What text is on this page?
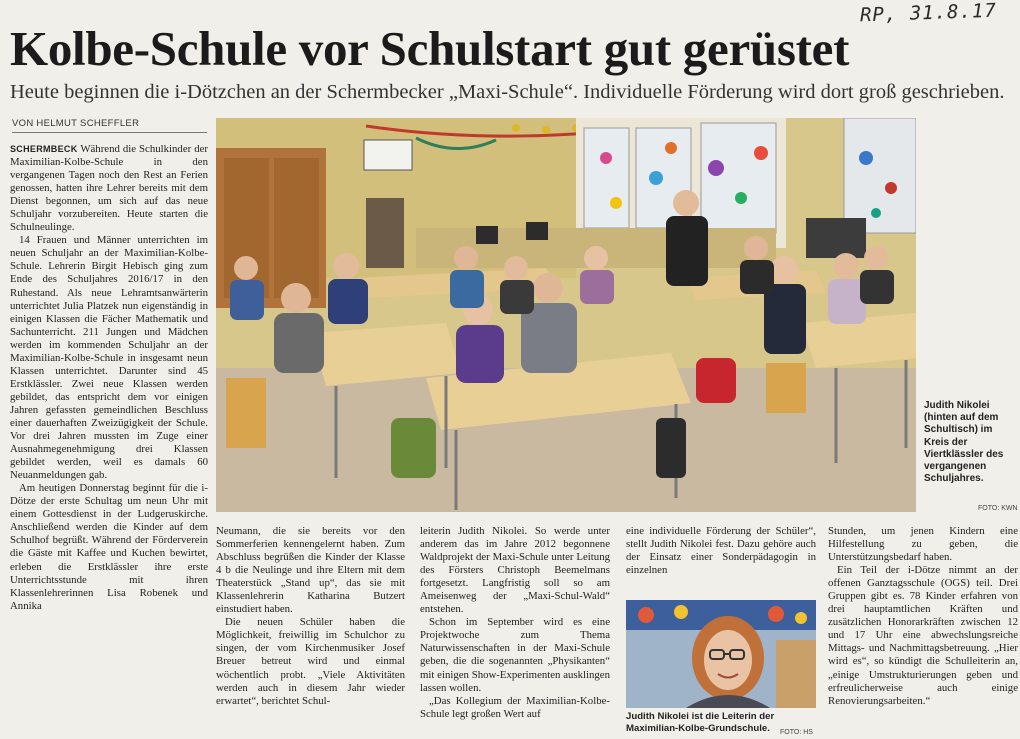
RP, 31.8.17
Kolbe-Schule vor Schulstart gut gerüstet
Heute beginnen die i-Dötzchen an der Schermbecker „Maxi-Schule“. Individuelle Förderung wird dort groß geschrieben.
VON HELMUT SCHEFFLER

SCHERMBECK Während die Schulkinder der Maximilian-Kolbe-Schule in den vergangenen Tagen noch den Rest an Ferien genossen, hatten ihre Lehrer bereits mit dem Dienst begonnen, um sich auf das neue Schuljahr vorzubereiten. Heute starten die Schulneulinge.

14 Frauen und Männer unterrichten im neuen Schuljahr an der Maximilian-Kolbe-Schule. Lehrerin Birgit Hebisch ging zum Ende des Schuljahres 2016/17 in den Ruhestand. Als neue Lehramtsanwärterin unterrichtet Julia Platzek nun eigenständig in einigen Klassen die Fächer Mathematik und Sachunterricht. 211 Jungen und Mädchen werden im kommenden Schuljahr an der Maximilian-Kolbe-Schule in insgesamt neun Klassen unterrichtet. Darunter sind 45 Erstklässler. Zwei neue Klassen werden gebildet, das entspricht dem vor einigen Jahren gefassten gemeindlichen Beschluss einer dauerhaften Zweizügigkeit der Schule. Vor drei Jahren mussten im Zuge einer Ausnahmegenehmigung drei Klassen gebildet werden, weil es damals 60 Neuanmeldungen gab.

Am heutigen Donnerstag beginnt für die i-Dötze der erste Schultag um neun Uhr mit einem Gottesdienst in der Ludgeruskirche. Anschließend werden die Kinder auf dem Schulhof begrüßt. Während der Förderverein die Gäste mit Kaffee und Kuchen bewirtet, erleben die Erstklässler ihre erste Unterrichtsstunde mit ihren Klassenlehrerinnen Lisa Robenek und Annika

Judith Nikolei (hinten auf dem Schultisch) im Kreis der Viertklässler des vergangenen Schuljahres.
FOTO: KWN

Neumann, die sie bereits vor den Sommerferien kennengelernt haben. Zum Abschluss begrüßen die Kinder der Klasse 4 b die Neulinge und ihre Eltern mit dem Theaterstück „Stand up“, das sie mit Klassenlehrerin Katharina Butzert einstudiert haben.

Die neuen Schüler haben die Möglichkeit, freiwillig im Schulchor zu singen, der vom Kirchenmusiker Josef Breuer betreut wird und einmal wöchentlich probt. „Viele Aktivitäten werden auch in diesem Jahr wieder erwartet“, berichtet Schul-

leiterin Judith Nikolei. So werde unter anderem das im Jahre 2012 begonnene Waldprojekt der Maxi-Schule unter Leitung des Försters Christoph Beemelmans fortgesetzt. Langfristig soll so am Ameisenweg der „Maxi-Schul-Wald“ entstehen.

Schon im September wird es eine Projektwoche zum Thema Naturwissenschaften in der Maxi-Schule geben, die die sogenannten „Physikanten“ mit einigen Show-Experimenten ausklingen lassen wollen.

„Das Kollegium der Maximilian-Kolbe-Schule legt großen Wert auf

eine individuelle Förderung der Schüler“, stellt Judith Nikolei fest. Dazu gehöre auch der Einsatz einer Sonderpädagogin in einzelnen

Judith Nikolei ist die Leiterin der Maximilian-Kolbe-Grundschule.	FOTO: HS

Stunden, um jenen Kindern eine Hilfestellung zu geben, die Unterstützungsbedarf haben.

Ein Teil der i-Dötze nimmt an der offenen Ganztagsschule (OGS) teil. Drei Gruppen gibt es. 78 Kinder erfahren von drei hauptamtlichen Kräften und zusätzlichen Honorarkräften zwischen 12 und 17 Uhr eine abwechslungsreiche Mittags- und Nachmittagsbetreuung. „Hier wird es“, so kündigt die Schulleiterin an, „einige Umstrukturierungen geben und erfreulicherweise auch einige Renovierungsarbeiten.“
